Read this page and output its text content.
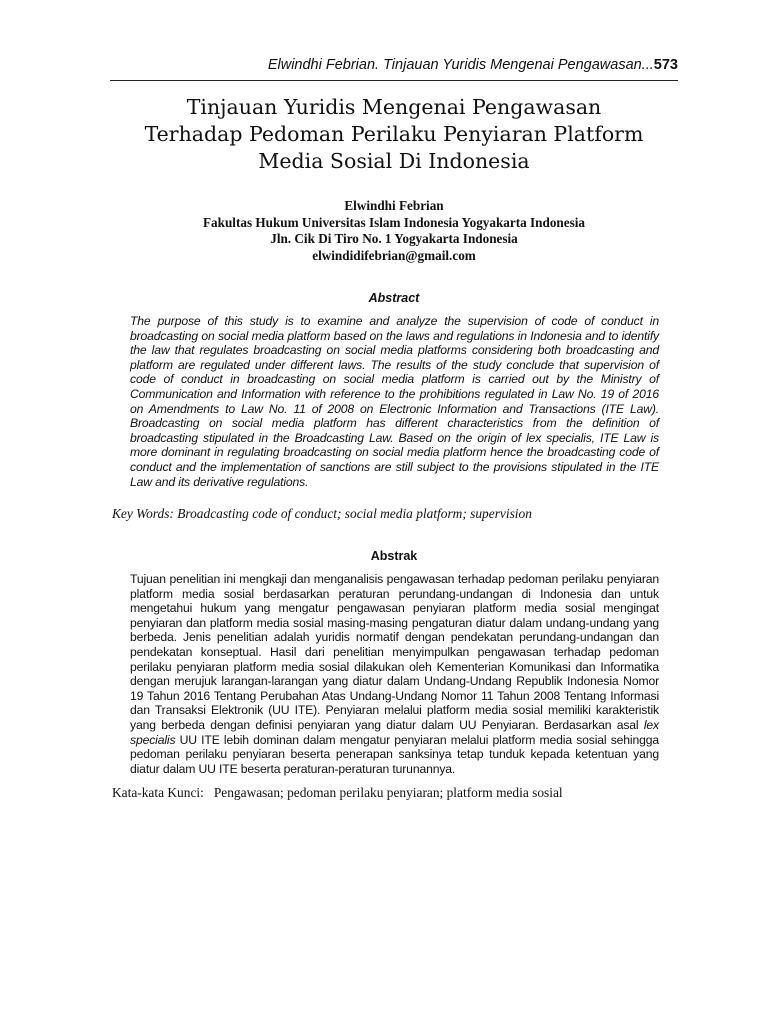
Elwindhi Febrian. Tinjauan Yuridis Mengenai Pengawasan...573
Tinjauan Yuridis Mengenai Pengawasan
Terhadap Pedoman Perilaku Penyiaran Platform
Media Sosial Di Indonesia
Elwindhi Febrian
Fakultas Hukum Universitas Islam Indonesia Yogyakarta Indonesia
Jln. Cik Di Tiro No. 1 Yogyakarta Indonesia
elwindidifebrian@gmail.com
Abstract

The purpose of this study is to examine and analyze the supervision of code of conduct in broadcasting on social media platform based on the laws and regulations in Indonesia and to identify the law that regulates broadcasting on social media platforms considering both broadcasting and platform are regulated under different laws. The results of the study conclude that supervision of code of conduct in broadcasting on social media platform is carried out by the Ministry of Communication and Information with reference to the prohibitions regulated in Law No. 19 of 2016 on Amendments to Law No. 11 of 2008 on Electronic Information and Transactions (ITE Law). Broadcasting on social media platform has different characteristics from the definition of broadcasting stipulated in the Broadcasting Law. Based on the origin of lex specialis, ITE Law is more dominant in regulating broadcasting on social media platform hence the broadcasting code of conduct and the implementation of sanctions are still subject to the provisions stipulated in the ITE Law and its derivative regulations.

Key Words: Broadcasting code of conduct; social media platform; supervision
Abstrak

Tujuan penelitian ini mengkaji dan menganalisis pengawasan terhadap pedoman perilaku penyiaran platform media sosial berdasarkan peraturan perundang-undangan di Indonesia dan untuk mengetahui hukum yang mengatur pengawasan penyiaran platform media sosial mengingat penyiaran dan platform media sosial masing-masing pengaturan diatur dalam undang-undang yang berbeda. Jenis penelitian adalah yuridis normatif dengan pendekatan perundang-undangan dan pendekatan konseptual. Hasil dari penelitian menyimpulkan pengawasan terhadap pedoman perilaku penyiaran platform media sosial dilakukan oleh Kementerian Komunikasi dan Informatika dengan merujuk larangan-larangan yang diatur dalam Undang-Undang Republik Indonesia Nomor 19 Tahun 2016 Tentang Perubahan Atas Undang-Undang Nomor 11 Tahun 2008 Tentang Informasi dan Transaksi Elektronik (UU ITE). Penyiaran melalui platform media sosial memiliki karakteristik yang berbeda dengan definisi penyiaran yang diatur dalam UU Penyiaran. Berdasarkan asal lex specialis UU ITE lebih dominan dalam mengatur penyiaran melalui platform media sosial sehingga pedoman perilaku penyiaran beserta penerapan sanksinya tetap tunduk kepada ketentuan yang diatur dalam UU ITE beserta peraturan-peraturan turunannya.

Kata-kata Kunci: Pengawasan; pedoman perilaku penyiaran; platform media sosial
